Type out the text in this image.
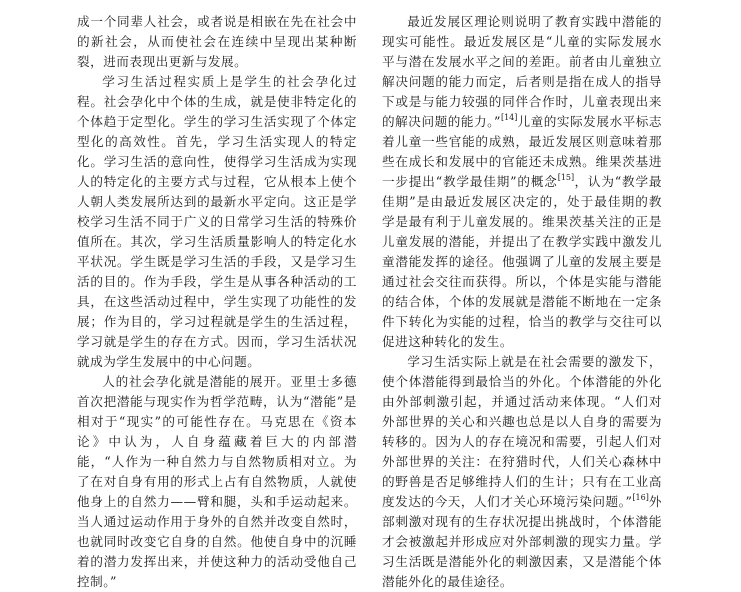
成一个同辈人社会，或者说是相嵌在先在社会中的新社会，从而使社会在连续中呈现出某种断裂，进而表现出更新与发展。

学习生活过程实质上是学生的社会孕化过程。社会孕化中个体的生成，就是使非特定化的个体趋于定型化。学生的学习生活实现了个体定型化的高效性。首先，学习生活实现人的特定化。学习生活的意向性，使得学习生活成为实现人的特定化的主要方式与过程，它从根本上使个人朝人类发展所达到的最新水平定向。这正是学校学习生活不同于广义的日常学习生活的特殊价值所在。其次，学习生活质量影响人的特定化水平状况。学生既是学习生活的手段，又是学习生活的目的。作为手段，学生是从事各种活动的工具，在这些活动过程中，学生实现了功能性的发展；作为目的，学习过程就是学生的生活过程，学习就是学生的存在方式。因而，学习生活状况就成为学生发展中的中心问题。

人的社会孕化就是潜能的展开。亚里士多德首次把潜能与现实作为哲学范畴，认为“潜能”是相对于“现实”的可能性存在。马克思在《资本论》中认为，人自身蕴藏着巨大的内部潜能，“人作为一种自然力与自然物质相对立。为了在对自身有用的形式上占有自然物质，人就使他身上的自然力——臂和腿，头和手运动起来。当人通过运动作用于身外的自然并改变自然时，也就同时改变它自身的自然。他使自身中的沉睡着的潜力发挥出来，并使这种力的活动受他自己控制。”

最近发展区理论则说明了教育实践中潜能的现实可能性。最近发展区是“儿童的实际发展水平与潜在发展水平之间的差距。前者由儿童独立解决问题的能力而定，后者则是指在成人的指导下或是与能力较强的同伴合作时，儿童表现出来的解决问题的能力。”[14]儿童的实际发展水平标志着儿童一些官能的成熟，最近发展区则意味着那些在成长和发展中的官能还未成熟。维果茨基进一步提出“教学最佳期”的概念[15]，认为“教学最佳期”是由最近发展区决定的，处于最佳期的教学是最有利于儿童发展的。维果茨基关注的正是儿童发展的潜能，并提出了在教学实践中激发儿童潜能发挥的途径。他强调了儿童的发展主要是通过社会交往而获得。所以，个体是实能与潜能的结合体，个体的发展就是潜能不断地在一定条件下转化为实能的过程，恰当的教学与交往可以促进这种转化的发生。

学习生活实际上就是在社会需要的激发下，使个体潜能得到最恰当的外化。个体潜能的外化由外部刺激引起，并通过活动来体现。“人们对外部世界的关心和兴趣也总是以人自身的需要为转移的。因为人的存在境况和需要，引起人们对外部世界的关注：在狩猎时代，人们关心森林中的野兽是否足够维持人们的生计；只有在工业高度发达的今天，人们才关心环境污染问题。”[16]外部刺激对现有的生存状况提出挑战时，个体潜能才会被激起并形成应对外部刺激的现实力量。学习生活既是潜能外化的刺激因素，又是潜能个体潜能外化的最佳途径。
